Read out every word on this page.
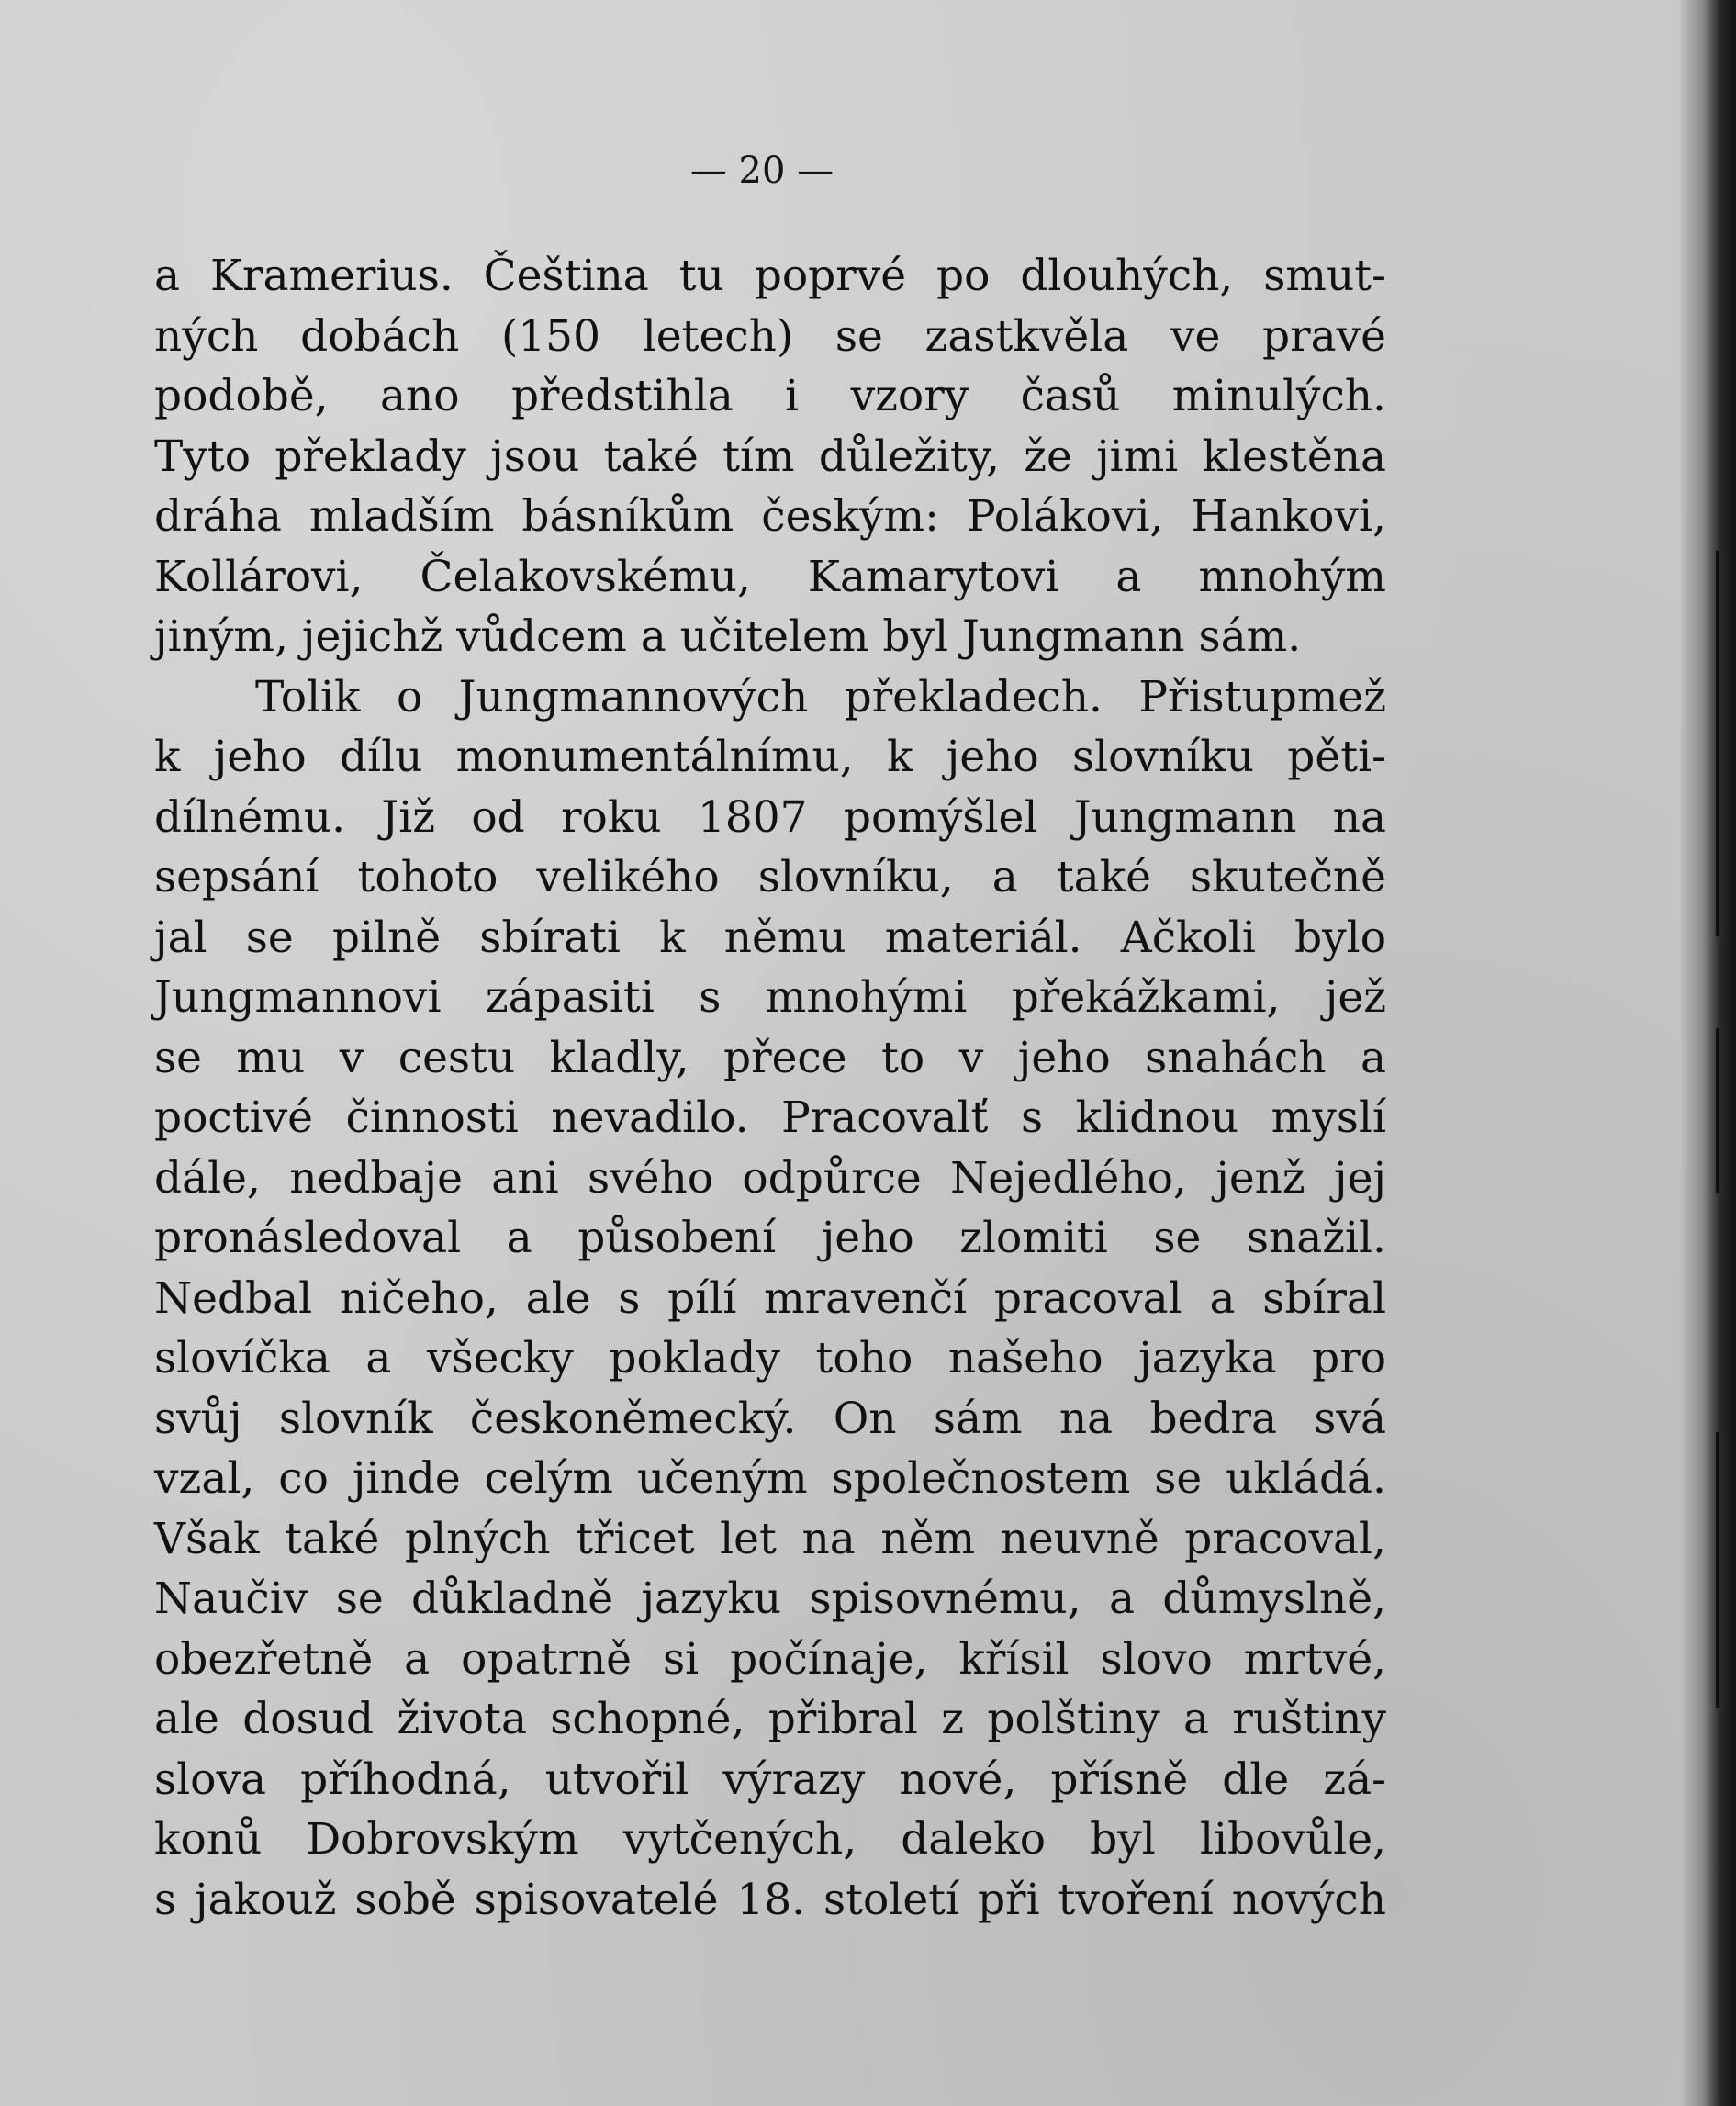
— 20 —
a Kramerius. Čeština tu poprvé po dlouhých, smut-
ných dobách (150 letech) se zastkvěla ve pravé
podobě, ano předstihla i vzory časů minulých.
Tyto překlady jsou také tím důležity, že jimi klestěna
dráha mladším básníkům českým: Polákovi, Hankovi,
Kollárovi, Čelakovskému, Kamarytovi a mnohým
jiným, jejichž vůdcem a učitelem byl Jungmann sám.
Tolik o Jungmannových překladech. Přistupmež
k jeho dílu monumentálnímu, k jeho slovníku pěti-
dílnému. Již od roku 1807 pomýšlel Jungmann na
sepsání tohoto velikého slovníku, a také skutečně
jal se pilně sbírati k němu materiál. Ačkoli bylo
Jungmannovi zápasiti s mnohými překážkami, jež
se mu v cestu kladly, přece to v jeho snahách a
poctivé činnosti nevadilo. Pracovalť s klidnou myslí
dále, nedbaje ani svého odpůrce Nejedlého, jenž jej
pronásledoval a působení jeho zlomiti se snažil.
Nedbal ničeho, ale s pílí mravenčí pracoval a sbíral
slovíčka a všecky poklady toho našeho jazyka pro
svůj slovník českoněmecký. On sám na bedra svá
vzal, co jinde celým učeným společnostem se ukládá.
Však také plných třicet let na něm neuvně pracoval,
Naučiv se důkladně jazyku spisovnému, a důmyslně,
obezřetně a opatrně si počínaje, křísil slovo mrtvé,
ale dosud života schopné, přibral z polštiny a ruštiny
slova příhodná, utvořil výrazy nové, přísně dle zá-
konů Dobrovským vytčených, daleko byl libovůle,
s jakouž sobě spisovatelé 18. století při tvoření nových
